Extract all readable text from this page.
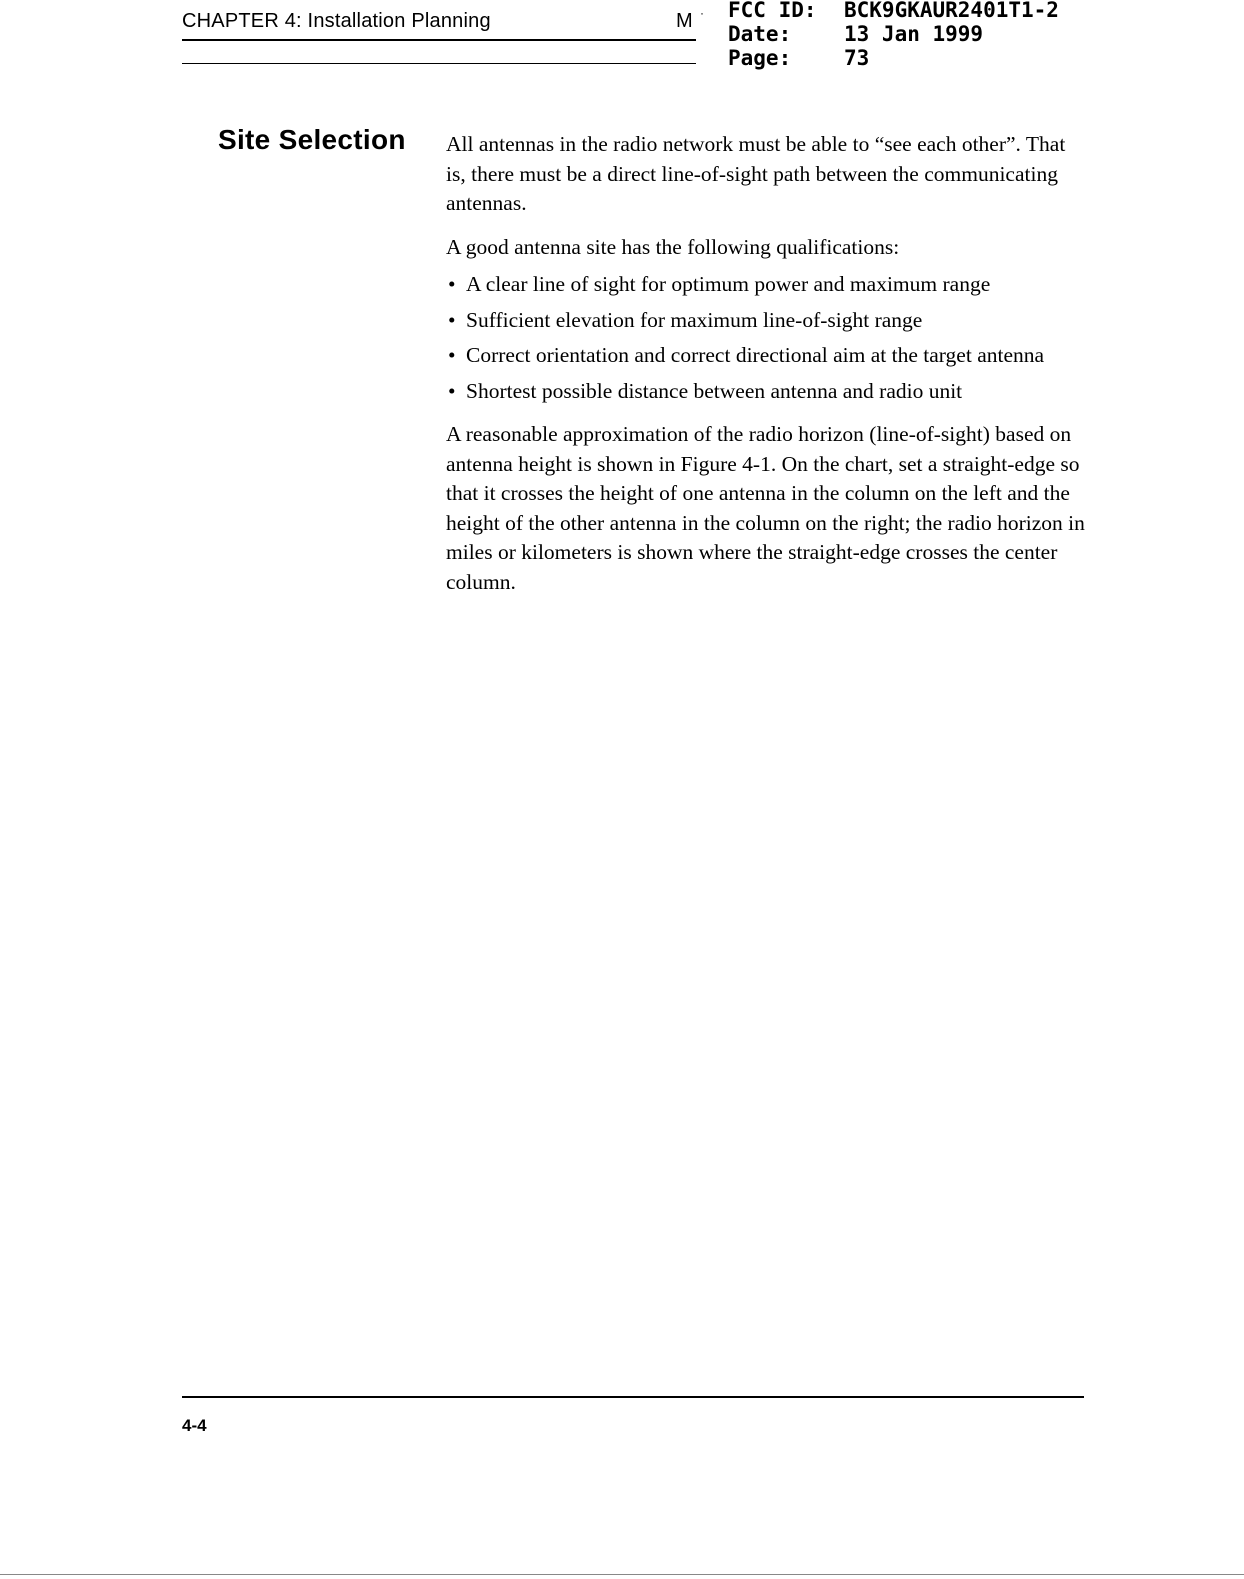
CHAPTER 4: Installation Planning	M · FCC ID:	BCK9GKAUR2401T1-2
Date:	13 Jan 1999
Page:	73
Site Selection All antennas in the radio network must be able to “see each other”. That is, there must be a direct line-of-sight path between the communicating antennas.

A good antenna site has the following qualifications:

• A clear line of sight for optimum power and maximum range
• Sufficient elevation for maximum line-of-sight range
• Correct orientation and correct directional aim at the target antenna
• Shortest possible distance between antenna and radio unit

A reasonable approximation of the radio horizon (line-of-sight) based on antenna height is shown in Figure 4-1. On the chart, set a straight-edge so that it crosses the height of one antenna in the column on the left and the height of the other antenna in the column on the right; the radio horizon in miles or kilometers is shown where the straight-edge crosses the center column.

4-4
